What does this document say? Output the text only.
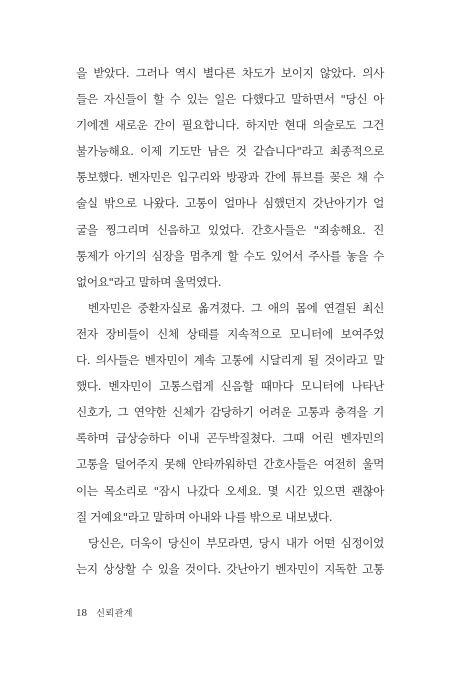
을 받았다. 그러나 역시 별다른 차도가 보이지 않았다. 의사
들은 자신들이 할 수 있는 일은 다했다고 말하면서 "당신 아
기에겐 새로운 간이 필요합니다. 하지만 현대 의술로도 그건
불가능해요. 이제 기도만 남은 것 같습니다"라고 최종적으로
통보했다. 벤자민은 입구리와 방광과 간에 튜브를 꽂은 채 수
술실 밖으로 나왔다. 고통이 얼마나 심했던지 갓난아기가 얼
굴을 찡그리며 신음하고 있었다. 간호사들은 "죄송해요. 진
통제가 아기의 심장을 멈추게 할 수도 있어서 주사를 놓을 수
없어요"라고 말하며 울먹였다.
벤자민은 중환자실로 옮겨졌다. 그 애의 몸에 연결된 최신
전자 장비들이 신체 상태를 지속적으로 모니터에 보여주었
다. 의사들은 벤자민이 계속 고통에 시달리게 될 것이라고 말
했다. 벤자민이 고통스럽게 신음할 때마다 모니터에 나타난
신호가, 그 연약한 신체가 감당하기 어려운 고통과 충격을 기
록하며 급상승하다 이내 곤두박질쳤다. 그때 어린 벤자민의
고통을 덜어주지 못해 안타까워하던 간호사들은 여전히 울먹
이는 목소리로 "잠시 나갔다 오세요. 몇 시간 있으면 괜찮아
질 거예요"라고 말하며 아내와 나를 밖으로 내보냈다.
당신은, 더욱이 당신이 부모라면, 당시 내가 어떤 심정이었
는지 상상할 수 있을 것이다. 갓난아기 벤자민이 지독한 고통
18 신뢰관계
